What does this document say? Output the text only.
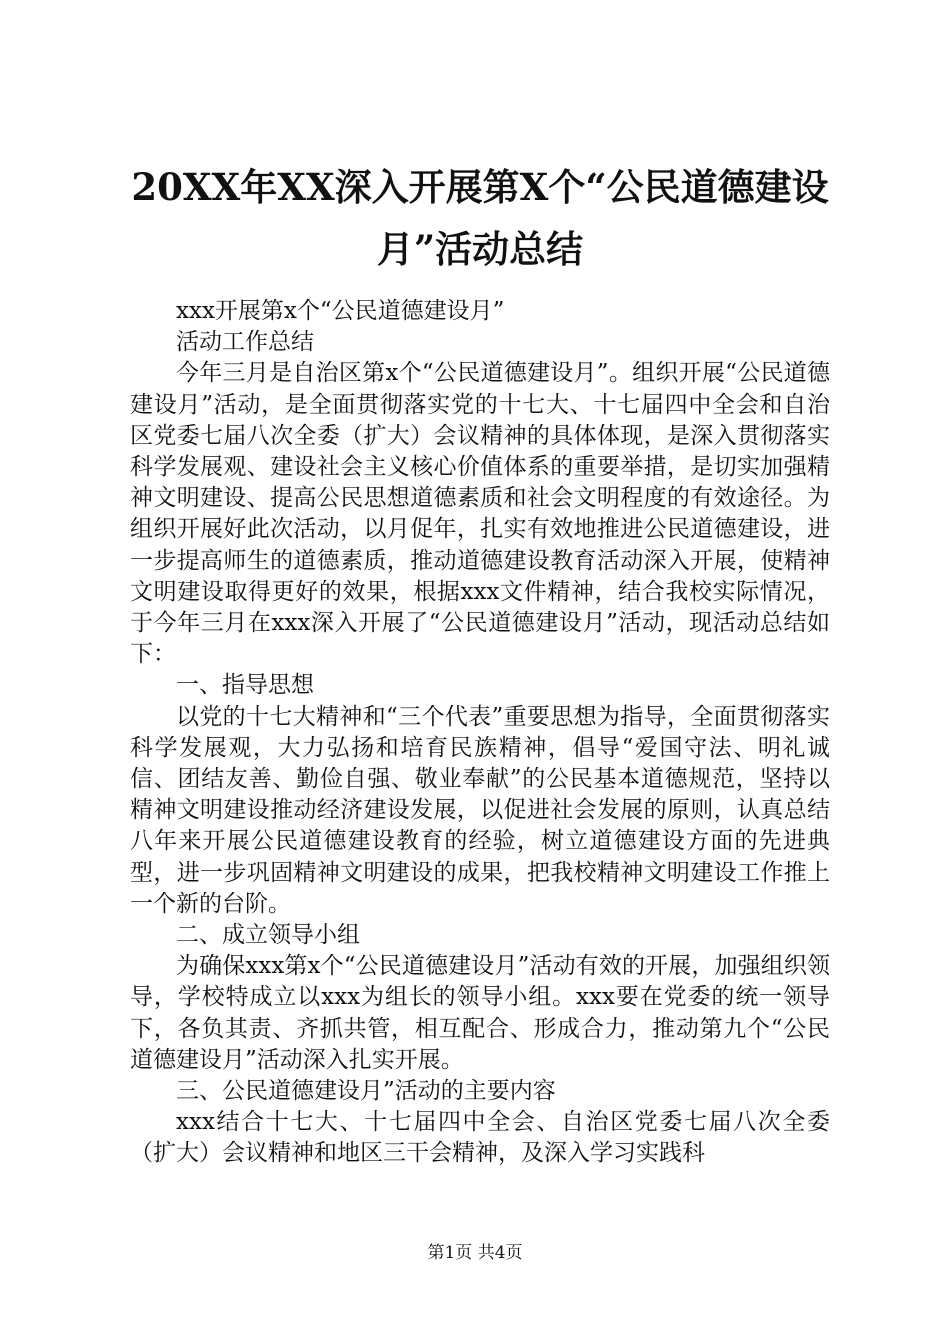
20XX年XX深入开展第X个“公民道德建设月”活动总结

xxx开展第x个“公民道德建设月”

活动工作总结

今年三月是自治区第x个“公民道德建设月”。组织开展“公民道德建设月”活动，是全面贯彻落实党的十七大、十七届四中全会和自治区党委七届八次全委（扩大）会议精神的具体体现，是深入贯彻落实科学发展观、建设社会主义核心价值体系的重要举措，是切实加强精神文明建设、提高公民思想道德素质和社会文明程度的有效途径。为组织开展好此次活动，以月促年，扎实有效地推进公民道德建设，进一步提高师生的道德素质，推动道德建设教育活动深入开展，使精神文明建设取得更好的效果，根据xxx文件精神，结合我校实际情况，于今年三月在xxx深入开展了“公民道德建设月”活动，现活动总结如下：

一、指导思想

以党的十七大精神和“三个代表”重要思想为指导，全面贯彻落实科学发展观，大力弘扬和培育民族精神，倡导“爱国守法、明礼诚信、团结友善、勤俭自强、敬业奉献”的公民基本道德规范，坚持以精神文明建设推动经济建设发展，以促进社会发展的原则，认真总结八年来开展公民道德建设教育的经验，树立道德建设方面的先进典型，进一步巩固精神文明建设的成果，把我校精神文明建设工作推上一个新的台阶。

二、成立领导小组

为确保xxx第x个“公民道德建设月”活动有效的开展，加强组织领导，学校特成立以xxx为组长的领导小组。xxx要在党委的统一领导下，各负其责、齐抓共管，相互配合、形成合力，推动第九个“公民道德建设月”活动深入扎实开展。

三、公民道德建设月”活动的主要内容

xxx结合十七大、十七届四中全会、自治区党委七届八次全委（扩大）会议精神和地区三干会精神，及深入学习实践科

第1页 共4页
